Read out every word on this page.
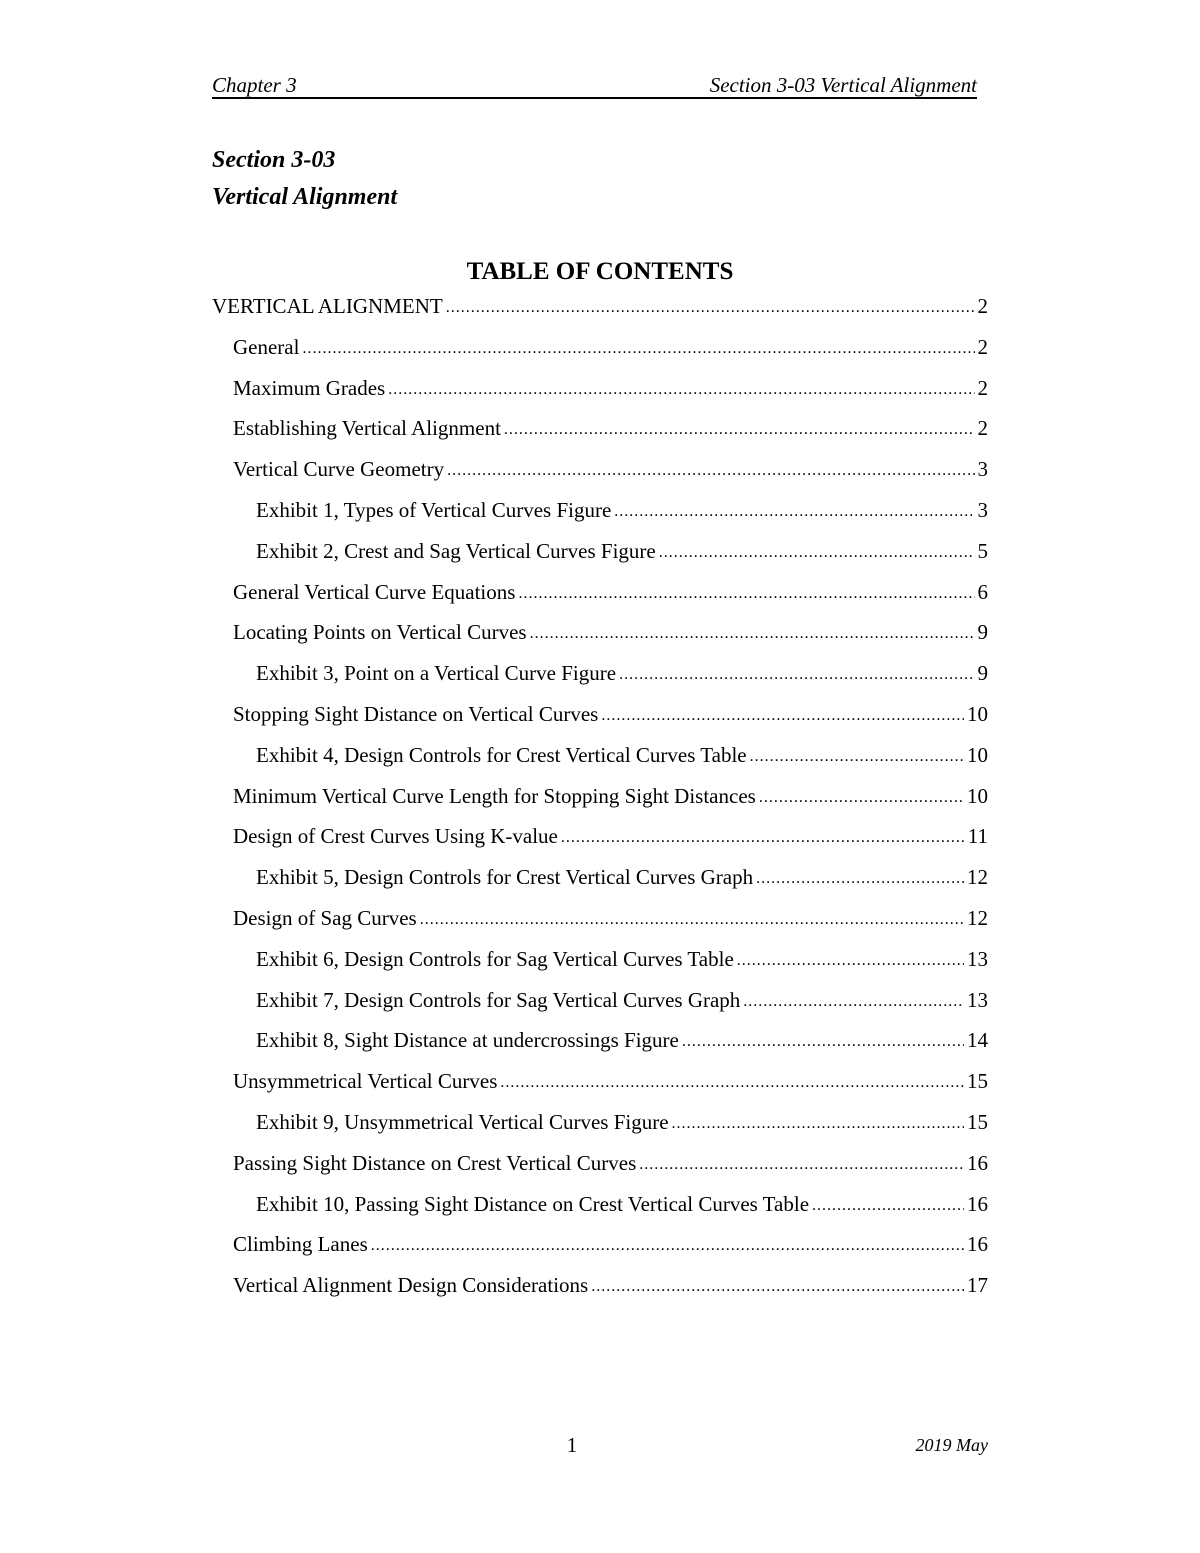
Chapter 3	Section 3-03 Vertical Alignment
Section 3-03
Vertical Alignment
TABLE OF CONTENTS
VERTICAL ALIGNMENT .....	2
General .....	2
Maximum Grades .....	2
Establishing Vertical Alignment .....	2
Vertical Curve Geometry .....	3
Exhibit 1, Types of Vertical Curves Figure .....	3
Exhibit 2, Crest and Sag Vertical Curves Figure .....	5
General Vertical Curve Equations .....	6
Locating Points on Vertical Curves .....	9
Exhibit 3, Point on a Vertical Curve Figure .....	9
Stopping Sight Distance on Vertical Curves .....	10
Exhibit 4, Design Controls for Crest Vertical Curves Table .....	10
Minimum Vertical Curve Length for Stopping Sight Distances .....	10
Design of Crest Curves Using K-value .....	11
Exhibit 5, Design Controls for Crest Vertical Curves Graph .....	12
Design of Sag Curves .....	12
Exhibit 6, Design Controls for Sag Vertical Curves Table .....	13
Exhibit 7, Design Controls for Sag Vertical Curves Graph .....	13
Exhibit 8, Sight Distance at undercrossings Figure .....	14
Unsymmetrical Vertical Curves .....	15
Exhibit 9, Unsymmetrical Vertical Curves Figure .....	15
Passing Sight Distance on Crest Vertical Curves .....	16
Exhibit 10, Passing Sight Distance on Crest Vertical Curves Table .....	16
Climbing Lanes .....	16
Vertical Alignment Design Considerations .....	17
1	2019 May
